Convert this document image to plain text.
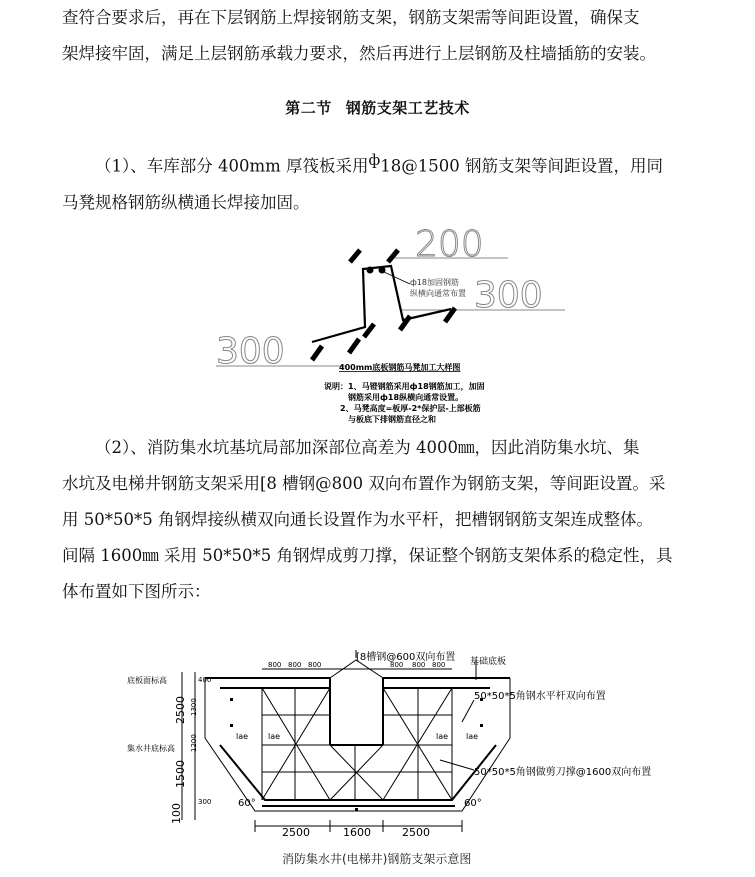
查符合要求后，再在下层钢筋上焊接钢筋支架，钢筋支架需等间距设置，确保支
架焊接牢固，满足上层钢筋承载力要求，然后再进行上层钢筋及柱墙插筋的安装。

第二节 钢筋支架工艺技术

（1）、车库部分 400mm 厚筏板采用$^ф$18@1500 钢筋支架等间距设置，用同
马凳规格钢筋纵横通长焊接加固。

200
300
300
ф18加固钢筋
纵横向通常布置
400mm底板钢筋马凳加工大样图
说明： 1、马镫钢筋采用ф18钢筋加工，加固
钢筋采用ф18纵横向通常设置。
2、马凳高度=板厚-2*保护层-上部板筋
与板底下排钢筋直径之和

（2）、消防集水坑基坑局部加深部位高差为 4000㎜，因此消防集水坑、集
水坑及电梯井钢筋支架采用[8 槽钢@800 双向布置作为钢筋支架，等间距设置。采
用 50*50*5 角钢焊接纵横双向通长设置作为水平杆，把槽钢钢筋支架连成整体。
间隔 1600㎜ 采用 50*50*5 角钢焊成剪刀撑，保证整个钢筋支架体系的稳定性，具
体布置如下图所示：

[8槽钢@600双向布置 基础底板
50*50*5角钢水平杆双向布置
50*50*5角钢做剪刀撑@1600双向布置
底板面标高
集水井底标高
800 800 800	800 800 800
400
1300
1200
300
2500
1500
100
lae lae	lae lae
60°	60°
2500	1600	2500
消防集水井(电梯井)钢筋支架示意图
